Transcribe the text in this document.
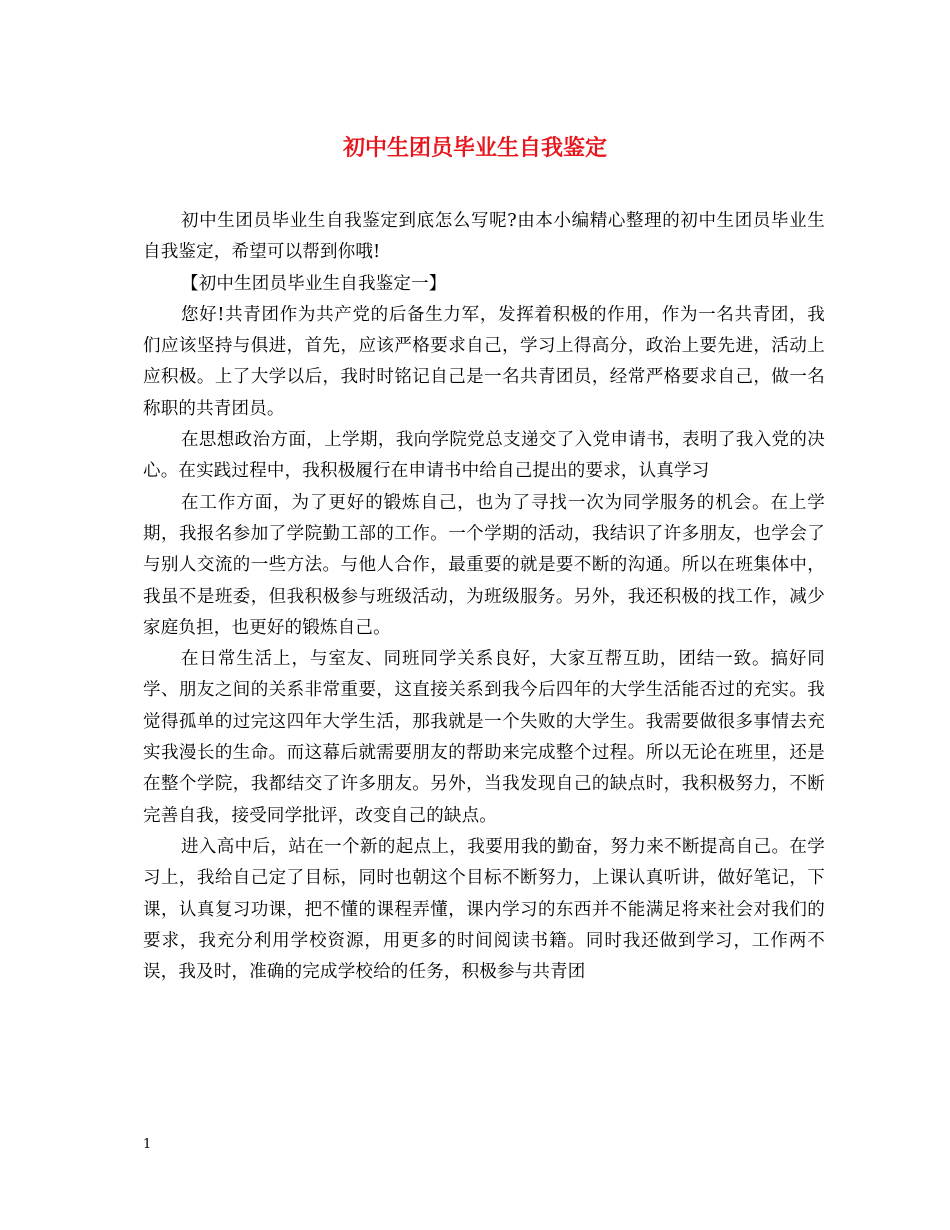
初中生团员毕业生自我鉴定

初中生团员毕业生自我鉴定到底怎么写呢?由本小编精心整理的初中生团员毕业生自我鉴定，希望可以帮到你哦!

【初中生团员毕业生自我鉴定一】

您好!共青团作为共产党的后备生力军，发挥着积极的作用，作为一名共青团，我们应该坚持与俱进，首先，应该严格要求自己，学习上得高分，政治上要先进，活动上应积极。上了大学以后，我时时铭记自己是一名共青团员，经常严格要求自己，做一名称职的共青团员。

在思想政治方面，上学期，我向学院党总支递交了入党申请书，表明了我入党的决心。在实践过程中，我积极履行在申请书中给自己提出的要求，认真学习

在工作方面，为了更好的锻炼自己，也为了寻找一次为同学服务的机会。在上学期，我报名参加了学院勤工部的工作。一个学期的活动，我结识了许多朋友，也学会了与别人交流的一些方法。与他人合作，最重要的就是要不断的沟通。所以在班集体中，我虽不是班委，但我积极参与班级活动，为班级服务。另外，我还积极的找工作，减少家庭负担，也更好的锻炼自己。

在日常生活上，与室友、同班同学关系良好，大家互帮互助，团结一致。搞好同学、朋友之间的关系非常重要，这直接关系到我今后四年的大学生活能否过的充实。我觉得孤单的过完这四年大学生活，那我就是一个失败的大学生。我需要做很多事情去充实我漫长的生命。而这幕后就需要朋友的帮助来完成整个过程。所以无论在班里，还是在整个学院，我都结交了许多朋友。另外，当我发现自己的缺点时，我积极努力，不断完善自我，接受同学批评，改变自己的缺点。

进入高中后，站在一个新的起点上，我要用我的勤奋，努力来不断提高自己。在学习上，我给自己定了目标，同时也朝这个目标不断努力，上课认真听讲，做好笔记，下课，认真复习功课，把不懂的课程弄懂，课内学习的东西并不能满足将来社会对我们的要求，我充分利用学校资源，用更多的时间阅读书籍。同时我还做到学习，工作两不误，我及时，准确的完成学校给的任务，积极参与共青团

1
